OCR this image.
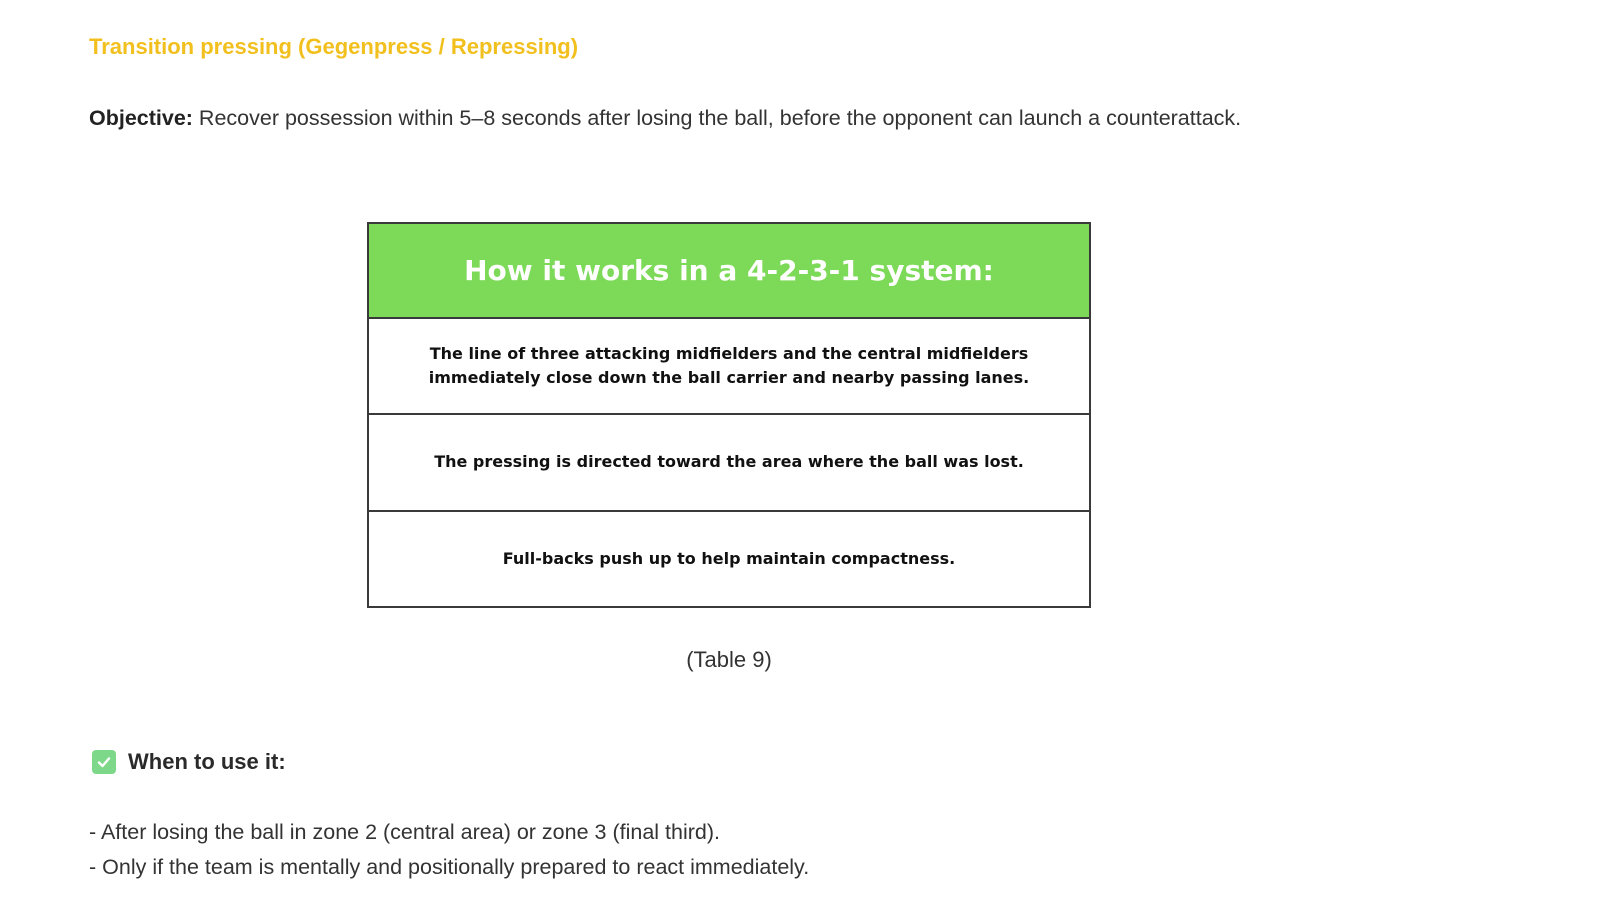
Transition pressing (Gegenpress / Repressing)

Objective: Recover possession within 5–8 seconds after losing the ball, before the opponent can launch a counterattack.

How it works in a 4-2-3-1 system:
The line of three attacking midfielders and the central midfielders immediately close down the ball carrier and nearby passing lanes.
The pressing is directed toward the area where the ball was lost.
Full-backs push up to help maintain compactness.

(Table 9)

When to use it:
- After losing the ball in zone 2 (central area) or zone 3 (final third).
- Only if the team is mentally and positionally prepared to react immediately.
